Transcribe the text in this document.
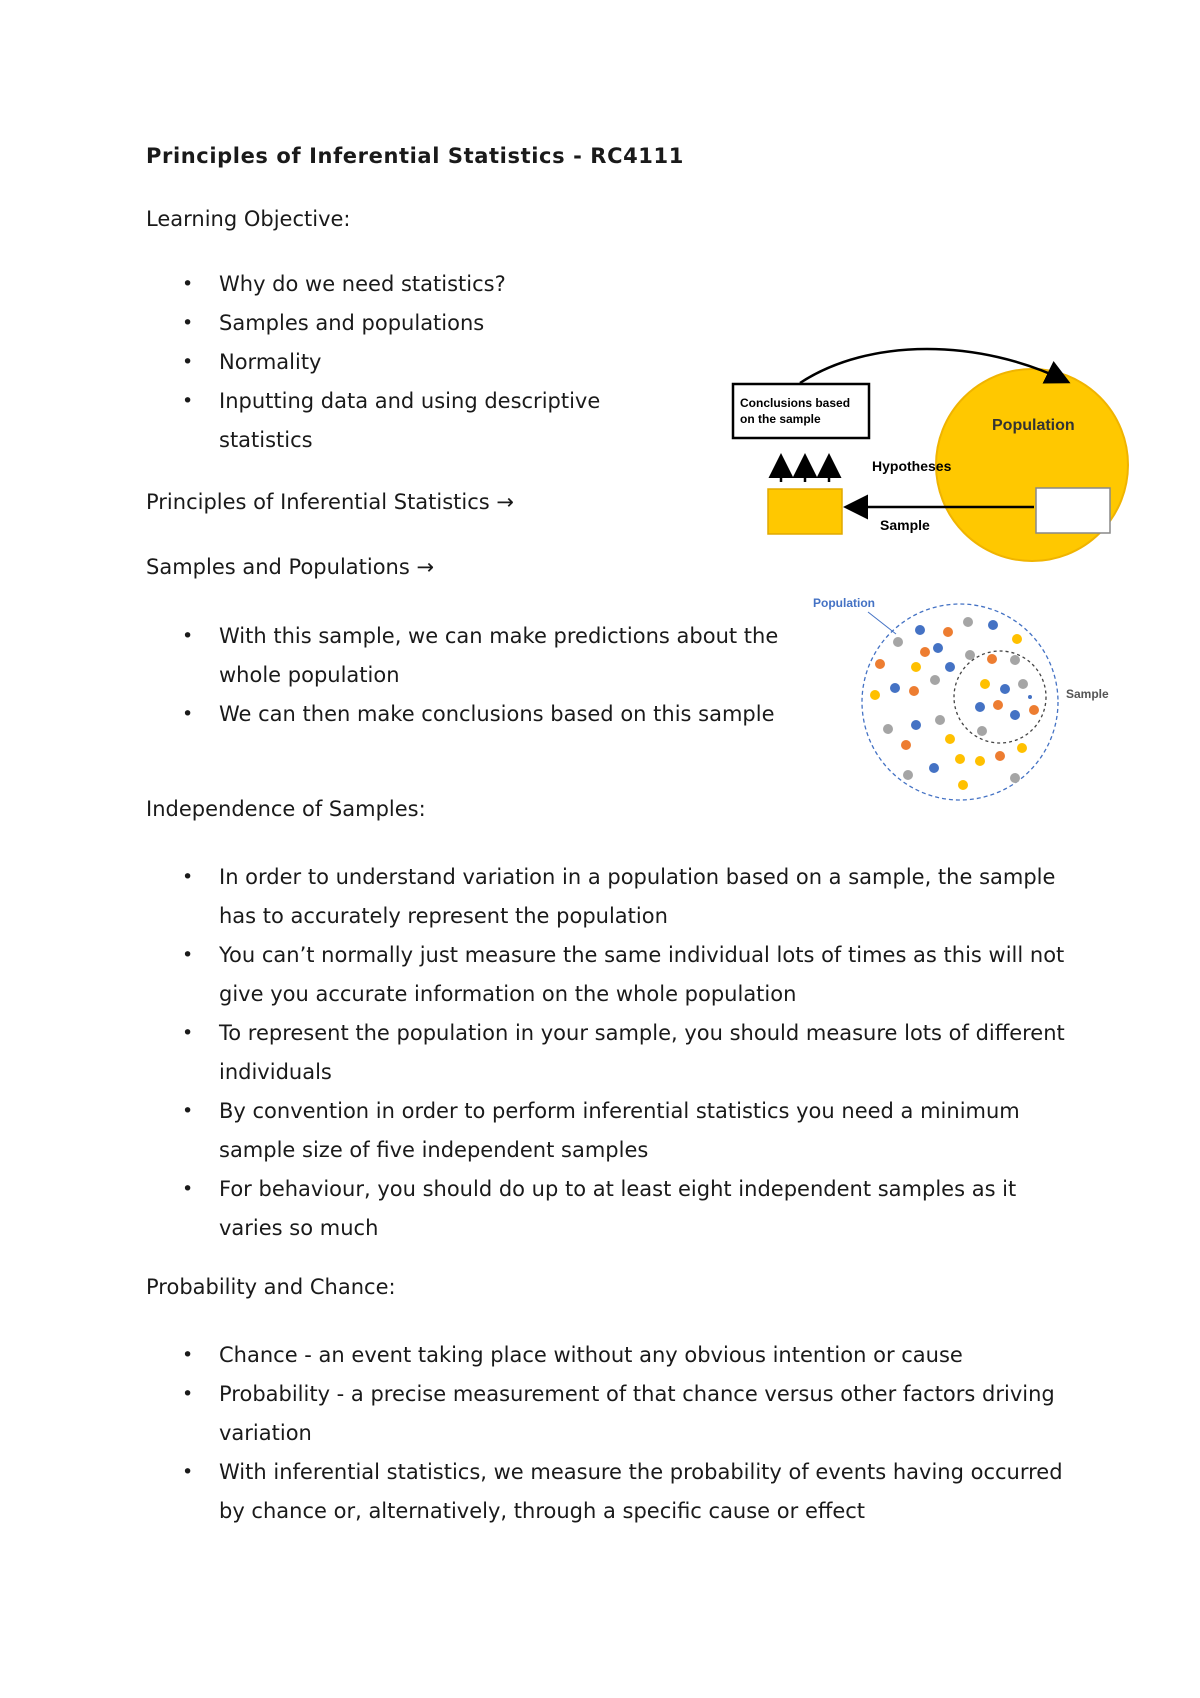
Principles of Inferential Statistics - RC4111
Learning Objective:
• Why do we need statistics?
• Samples and populations
• Normality
• Inputting data and using descriptive statistics
Principles of Inferential Statistics →
Samples and Populations →
• With this sample, we can make predictions about the whole population
• We can then make conclusions based on this sample
Independence of Samples:
• In order to understand variation in a population based on a sample, the sample has to accurately represent the population
• You can’t normally just measure the same individual lots of times as this will not give you accurate information on the whole population
• To represent the population in your sample, you should measure lots of different individuals
• By convention in order to perform inferential statistics you need a minimum sample size of five independent samples
• For behaviour, you should do up to at least eight independent samples as it varies so much
Probability and Chance:
• Chance - an event taking place without any obvious intention or cause
• Probability - a precise measurement of that chance versus other factors driving variation
• With inferential statistics, we measure the probability of events having occurred by chance or, alternatively, through a specific cause or effect
Conclusions based
on the sample	Population
Hypotheses
Sample
Population
Sample
